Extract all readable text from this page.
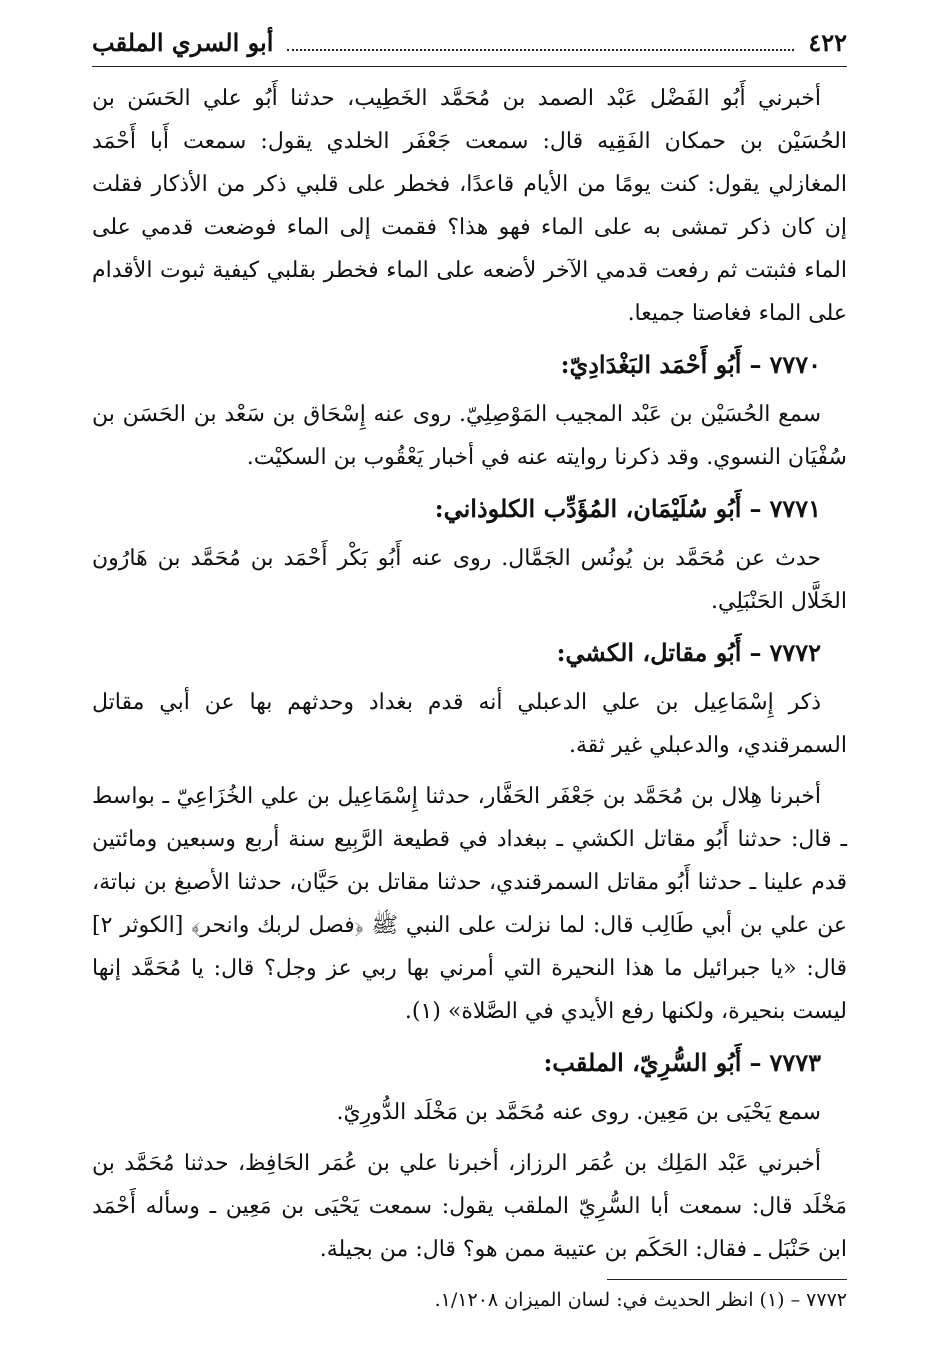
٤٢٢
أبو السري الملقب

أخبرني أَبُو الفَضْل عَبْد الصمد بن مُحَمَّد الخَطِيب، حدثنا أَبُو علي الحَسَن بن الحُسَيْن بن حمكان الفَقِيه قال: سمعت جَعْفَر الخلدي يقول: سمعت أَبا أَحْمَد المغازلي يقول: كنت يومًا من الأيام قاعدًا، فخطر على قلبي ذكر من الأذكار فقلت إن كان ذكر تمشى به على الماء فهو هذا؟ فقمت إلى الماء فوضعت قدمي على الماء فثبتت ثم رفعت قدمي الآخر لأضعه على الماء فخطر بقلبي كيفية ثبوت الأقدام على الماء فغاصتا جميعا.

٧٧٧٠–أَبُو أَحْمَد البَغْدَادِيّ:

سمع الحُسَيْن بن عَبْد المجيب المَوْصِلِيّ. روى عنه إِسْحَاق بن سَعْد بن الحَسَن بن سُفْيَان النسوي. وقد ذكرنا روايته عنه في أخبار يَعْقُوب بن السكيْت.

٧٧٧١–أَبُو سُلَيْمَان، المُؤَدِّب الكلوذاني:

حدث عن مُحَمَّد بن يُونُس الجَمَّال. روى عنه أَبُو بَكْر أَحْمَد بن مُحَمَّد بن هَارُون الخَلَّال الحَنْبَلِي.

٧٧٧٢–أَبُو مقاتل، الكشي:

ذكر إِسْمَاعِيل بن علي الدعبلي أنه قدم بغداد وحدثهم بها عن أبي مقاتل السمرقندي، والدعبلي غير ثقة.

أخبرنا هِلال بن مُحَمَّد بن جَعْفَر الحَفَّار، حدثنا إِسْمَاعِيل بن علي الخُزَاعِيّ ـ بواسط ـ قال: حدثنا أَبُو مقاتل الكشي ـ ببغداد في قطيعة الرَّبِيع سنة أربع وسبعين ومائتين قدم علينا ـ حدثنا أَبُو مقاتل السمرقندي، حدثنا مقاتل بن حَيَّان، حدثنا الأصبغ بن نباتة، عن علي بن أبي طَالِب قال: لما نزلت على النبي ﷺ ﴿فصل لربك وانحر﴾ [الكوثر ٢] قال: «يا جبرائيل ما هذا النحيرة التي أمرني بها ربي عز وجل؟ قال: يا مُحَمَّد إنها ليست بنحيرة، ولكنها رفع الأيدي في الصَّلاة» (١).

٧٧٧٣–أَبُو السُّرِيّ، الملقب:

سمع يَحْيَى بن مَعِين. روى عنه مُحَمَّد بن مَخْلَد الدُّورِيّ.

أخبرني عَبْد المَلِك بن عُمَر الرزاز، أخبرنا علي بن عُمَر الحَافِظ، حدثنا مُحَمَّد بن مَخْلَد قال: سمعت أبا السُّرِيّ الملقب يقول: سمعت يَحْيَى بن مَعِين ـ وسأله أَحْمَد ابن حَنْبَل ـ فقال: الحَكَم بن عتيبة ممن هو؟ قال: من بجيلة.

٧٧٧٢ – (١) انظر الحديث في: لسان الميزان ١/١٢٠٨.
